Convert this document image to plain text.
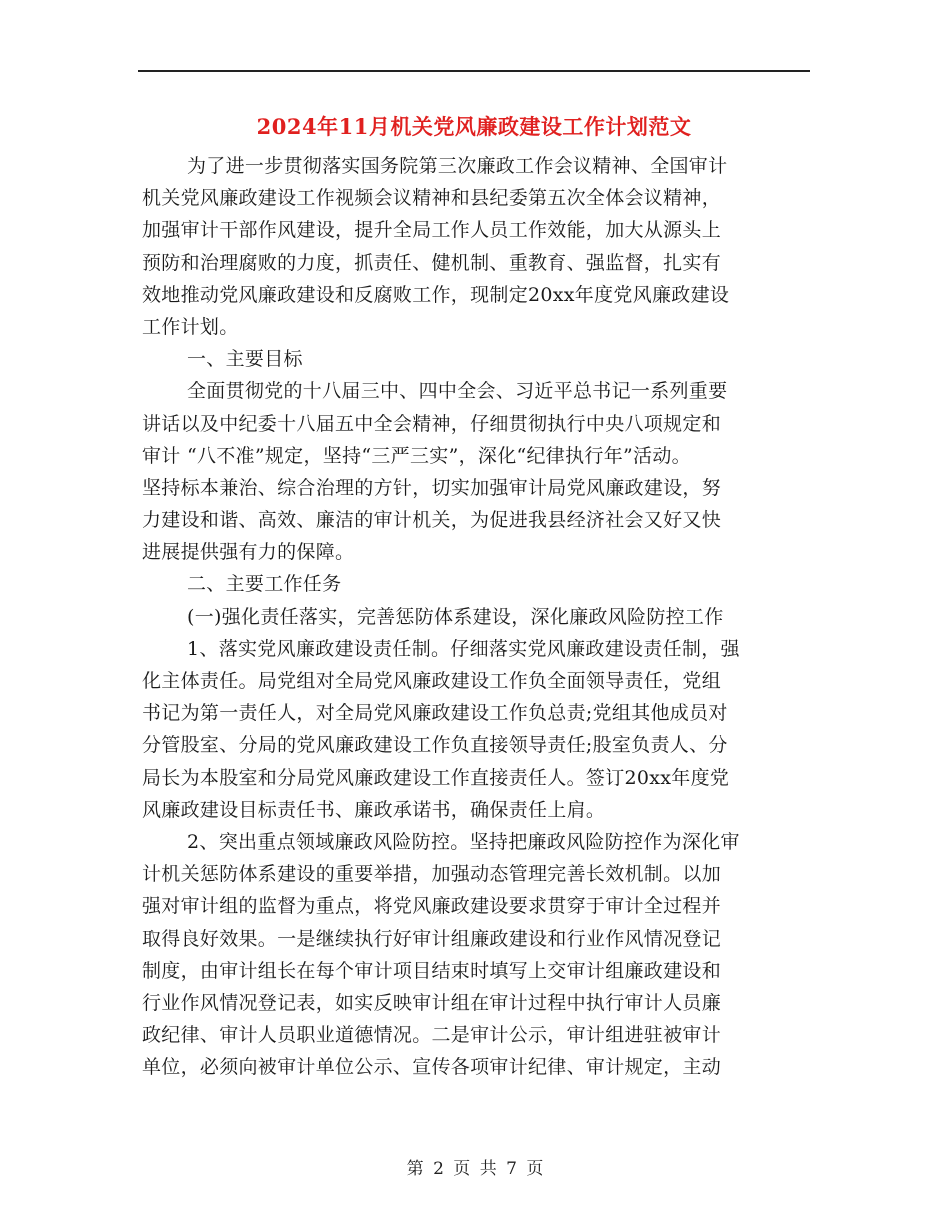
2024年11月机关党风廉政建设工作计划范文
为了进一步贯彻落实国务院第三次廉政工作会议精神、全国审计
机关党风廉政建设工作视频会议精神和县纪委第五次全体会议精神，
加强审计干部作风建设，提升全局工作人员工作效能，加大从源头上
预防和治理腐败的力度，抓责任、健机制、重教育、强监督，扎实有
效地推动党风廉政建设和反腐败工作，现制定20xx年度党风廉政建设
工作计划。
一、主要目标
全面贯彻党的十八届三中、四中全会、习近平总书记一系列重要
讲话以及中纪委十八届五中全会精神，仔细贯彻执行中央八项规定和
审计 “八不准”规定，坚持“三严三实”，深化“纪律执行年”活动。
坚持标本兼治、综合治理的方针，切实加强审计局党风廉政建设，努
力建设和谐、高效、廉洁的审计机关，为促进我县经济社会又好又快
进展提供强有力的保障。
二、主要工作任务
(一)强化责任落实，完善惩防体系建设，深化廉政风险防控工作
1、落实党风廉政建设责任制。仔细落实党风廉政建设责任制，强
化主体责任。局党组对全局党风廉政建设工作负全面领导责任，党组
书记为第一责任人，对全局党风廉政建设工作负总责;党组其他成员对
分管股室、分局的党风廉政建设工作负直接领导责任;股室负责人、分
局长为本股室和分局党风廉政建设工作直接责任人。签订20xx年度党
风廉政建设目标责任书、廉政承诺书，确保责任上肩。
2、突出重点领域廉政风险防控。坚持把廉政风险防控作为深化审
计机关惩防体系建设的重要举措，加强动态管理完善长效机制。以加
强对审计组的监督为重点，将党风廉政建设要求贯穿于审计全过程并
取得良好效果。一是继续执行好审计组廉政建设和行业作风情况登记
制度，由审计组长在每个审计项目结束时填写上交审计组廉政建设和
行业作风情况登记表，如实反映审计组在审计过程中执行审计人员廉
政纪律、审计人员职业道德情况。二是审计公示，审计组进驻被审计
单位，必须向被审计单位公示、宣传各项审计纪律、审计规定，主动
第 2 页 共 7 页
